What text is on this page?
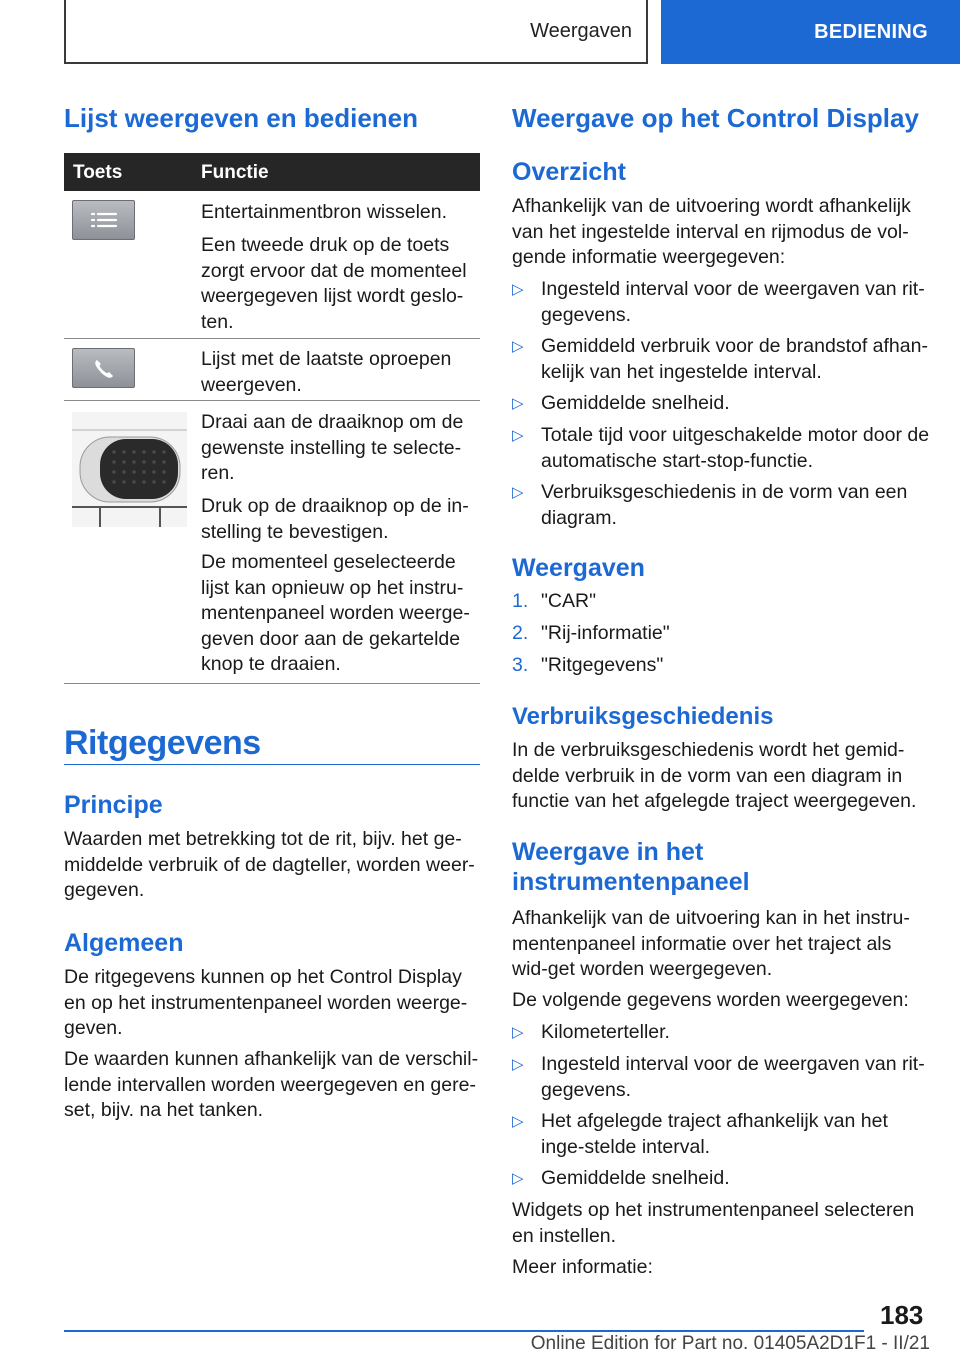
Weergaven	BEDIENING
Lijst weergeven en bedienen
Toets	Functie

Entertainmentbron wisselen.

Een tweede druk op de toets zorgt ervoor dat de momenteel weergegeven lijst wordt geslo-ten.

Lijst met de laatste oproepen weergeven.

Draai aan de draaiknop om de gewenste instelling te selecte-ren.

Druk op de draaiknop op de in-stelling te bevestigen.

De momenteel geselecteerde lijst kan opnieuw op het instru-mentenpaneel worden weerge-geven door aan de gekartelde knop te draaien.

Ritgegevens
Principe

Waarden met betrekking tot de rit, bijv. het ge-middelde verbruik of de dagteller, worden weer-gegeven.

Algemeen

De ritgegevens kunnen op het Control Display en op het instrumentenpaneel worden weerge-geven.

De waarden kunnen afhankelijk van de verschil-lende intervallen worden weergegeven en gere-set, bijv. na het tanken.

Weergave op het Control Display
Overzicht

Afhankelijk van de uitvoering wordt afhankelijk van het ingestelde interval en rijmodus de vol-gende informatie weergegeven:

▷ Ingesteld interval voor de weergaven van rit-gegevens.
▷ Gemiddeld verbruik voor de brandstof afhan-kelijk van het ingestelde interval.
▷ Gemiddelde snelheid.
▷ Totale tijd voor uitgeschakelde motor door de automatische start-stop-functie.
▷ Verbruiksgeschiedenis in de vorm van een diagram.
Weergaven
1. "CAR"
2. "Rij-informatie"
3. "Ritgegevens"
Verbruiksgeschiedenis

In de verbruiksgeschiedenis wordt het gemid-delde verbruik in de vorm van een diagram in functie van het afgelegde traject weergegeven.

Weergave in het
instrumentenpaneel

Afhankelijk van de uitvoering kan in het instru-mentenpaneel informatie over het traject als wid-get worden weergegeven.

De volgende gegevens worden weergegeven:

▷ Kilometerteller.
▷ Ingesteld interval voor de weergaven van rit-gegevens.
▷ Het afgelegde traject afhankelijk van het inge-stelde interval.
▷ Gemiddelde snelheid.

Widgets op het instrumentenpaneel selecteren en instellen.

Meer informatie:

183
Online Edition for Part no. 01405A2D1F1 - II/21
